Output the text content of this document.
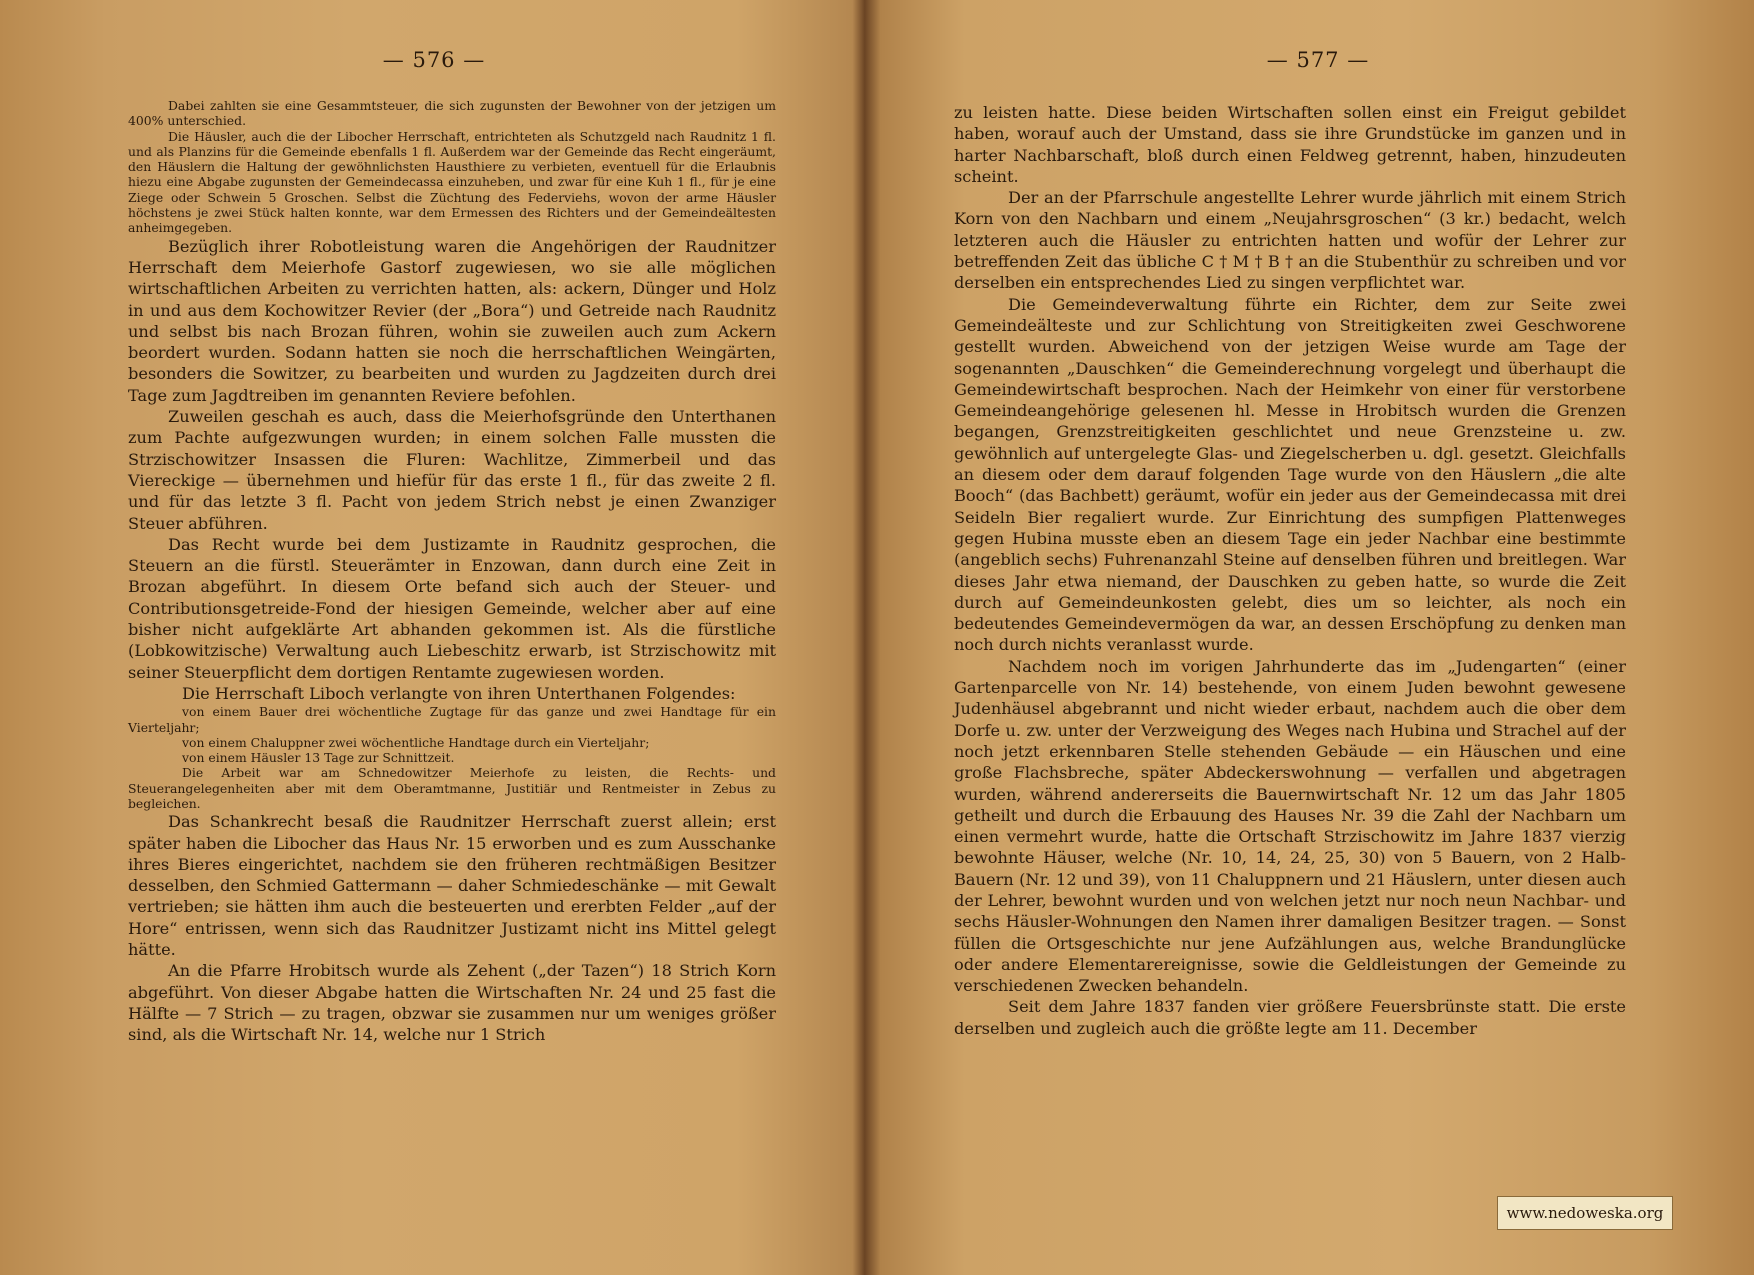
— 576 —

Dabei zahlten sie eine Gesammtsteuer, die sich zugunsten der Bewohner von der jetzigen um 400% unterschied.

Die Häusler, auch die der Libocher Herrschaft, entrichteten als Schutzgeld nach Raudnitz 1 fl. und als Planzins für die Gemeinde ebenfalls 1 fl. Außerdem war der Gemeinde das Recht eingeräumt, den Häuslern die Haltung der gewöhnlichsten Hausthiere zu verbieten, eventuell für die Erlaubnis hiezu eine Abgabe zugunsten der Gemeindecassa einzuheben, und zwar für eine Kuh 1 fl., für je eine Ziege oder Schwein 5 Groschen. Selbst die Züchtung des Federviehs, wovon der arme Häusler höchstens je zwei Stück halten konnte, war dem Ermessen des Richters und der Gemeindeältesten anheimgegeben.

Bezüglich ihrer Robotleistung waren die Angehörigen der Raudnitzer Herrschaft dem Meierhofe Gastorf zugewiesen, wo sie alle möglichen wirtschaftlichen Arbeiten zu verrichten hatten, als: ackern, Dünger und Holz in und aus dem Kochowitzer Revier (der „Bora“) und Getreide nach Raudnitz und selbst bis nach Brozan führen, wohin sie zuweilen auch zum Ackern beordert wurden. Sodann hatten sie noch die herrschaftlichen Weingärten, besonders die Sowitzer, zu bearbeiten und wurden zu Jagdzeiten durch drei Tage zum Jagdtreiben im genannten Reviere befohlen.

Zuweilen geschah es auch, dass die Meierhofsgründe den Unterthanen zum Pachte aufgezwungen wurden; in einem solchen Falle mussten die Strzischowitzer Insassen die Fluren: Wachlitze, Zimmerbeil und das Viereckige — übernehmen und hiefür für das erste 1 fl., für das zweite 2 fl. und für das letzte 3 fl. Pacht von jedem Strich nebst je einen Zwanziger Steuer abführen.

Das Recht wurde bei dem Justizamte in Raudnitz gesprochen, die Steuern an die fürstl. Steuerämter in Enzowan, dann durch eine Zeit in Brozan abgeführt. In diesem Orte befand sich auch der Steuer- und Contributionsgetreide-Fond der hiesigen Gemeinde, welcher aber auf eine bisher nicht aufgeklärte Art abhanden gekommen ist. Als die fürstliche (Lobkowitzische) Verwaltung auch Liebeschitz erwarb, ist Strzischowitz mit seiner Steuerpflicht dem dortigen Rentamte zugewiesen worden.

Die Herrschaft Liboch verlangte von ihren Unterthanen Folgendes:

von einem Bauer drei wöchentliche Zugtage für das ganze und zwei Handtage für ein Vierteljahr;

von einem Chaluppner zwei wöchentliche Handtage durch ein Vierteljahr;

von einem Häusler 13 Tage zur Schnittzeit.

Die Arbeit war am Schnedowitzer Meierhofe zu leisten, die Rechts- und Steuerangelegenheiten aber mit dem Oberamtmanne, Justitiär und Rentmeister in Zebus zu begleichen.

Das Schankrecht besaß die Raudnitzer Herrschaft zuerst allein; erst später haben die Libocher das Haus Nr. 15 erworben und es zum Ausschanke ihres Bieres eingerichtet, nachdem sie den früheren rechtmäßigen Besitzer desselben, den Schmied Gattermann — daher Schmiedeschänke — mit Gewalt vertrieben; sie hätten ihm auch die besteuerten und ererbten Felder „auf der Hore“ entrissen, wenn sich das Raudnitzer Justizamt nicht ins Mittel gelegt hätte.

An die Pfarre Hrobitsch wurde als Zehent („der Tazen“) 18 Strich Korn abgeführt. Von dieser Abgabe hatten die Wirtschaften Nr. 24 und 25 fast die Hälfte — 7 Strich — zu tragen, obzwar sie zusammen nur um weniges größer sind, als die Wirtschaft Nr. 14, welche nur 1 Strich

— 577 —

zu leisten hatte. Diese beiden Wirtschaften sollen einst ein Freigut gebildet haben, worauf auch der Umstand, dass sie ihre Grundstücke im ganzen und in harter Nachbarschaft, bloß durch einen Feldweg getrennt, haben, hinzudeuten scheint.

Der an der Pfarrschule angestellte Lehrer wurde jährlich mit einem Strich Korn von den Nachbarn und einem „Neujahrsgroschen“ (3 kr.) bedacht, welch letzteren auch die Häusler zu entrichten hatten und wofür der Lehrer zur betreffenden Zeit das übliche C † M † B † an die Stubenthür zu schreiben und vor derselben ein entsprechendes Lied zu singen verpflichtet war.

Die Gemeindeverwaltung führte ein Richter, dem zur Seite zwei Gemeindeälteste und zur Schlichtung von Streitigkeiten zwei Geschworene gestellt wurden. Abweichend von der jetzigen Weise wurde am Tage der sogenannten „Dauschken“ die Gemeinderechnung vorgelegt und überhaupt die Gemeindewirtschaft besprochen. Nach der Heimkehr von einer für verstorbene Gemeindeangehörige gelesenen hl. Messe in Hrobitsch wurden die Grenzen begangen, Grenzstreitigkeiten geschlichtet und neue Grenzsteine u. zw. gewöhnlich auf untergelegte Glas- und Ziegelscherben u. dgl. gesetzt. Gleichfalls an diesem oder dem darauf folgenden Tage wurde von den Häuslern „die alte Booch“ (das Bachbett) geräumt, wofür ein jeder aus der Gemeindecassa mit drei Seideln Bier regaliert wurde. Zur Einrichtung des sumpfigen Plattenweges gegen Hubina musste eben an diesem Tage ein jeder Nachbar eine bestimmte (angeblich sechs) Fuhrenanzahl Steine auf denselben führen und breitlegen. War dieses Jahr etwa niemand, der Dauschken zu geben hatte, so wurde die Zeit durch auf Gemeindeunkosten gelebt, dies um so leichter, als noch ein bedeutendes Gemeindevermögen da war, an dessen Erschöpfung zu denken man noch durch nichts veranlasst wurde.

Nachdem noch im vorigen Jahrhunderte das im „Judengarten“ (einer Gartenparcelle von Nr. 14) bestehende, von einem Juden bewohnt gewesene Judenhäusel abgebrannt und nicht wieder erbaut, nachdem auch die ober dem Dorfe u. zw. unter der Verzweigung des Weges nach Hubina und Strachel auf der noch jetzt erkennbaren Stelle stehenden Gebäude — ein Häuschen und eine große Flachsbreche, später Abdeckerswohnung — verfallen und abgetragen wurden, während andererseits die Bauernwirtschaft Nr. 12 um das Jahr 1805 getheilt und durch die Erbauung des Hauses Nr. 39 die Zahl der Nachbarn um einen vermehrt wurde, hatte die Ortschaft Strzischowitz im Jahre 1837 vierzig bewohnte Häuser, welche (Nr. 10, 14, 24, 25, 30) von 5 Bauern, von 2 Halb-Bauern (Nr. 12 und 39), von 11 Chaluppnern und 21 Häuslern, unter diesen auch der Lehrer, bewohnt wurden und von welchen jetzt nur noch neun Nachbar- und sechs Häusler-Wohnungen den Namen ihrer damaligen Besitzer tragen. — Sonst füllen die Ortsgeschichte nur jene Aufzählungen aus, welche Brandunglücke oder andere Elementarereignisse, sowie die Geldleistungen der Gemeinde zu verschiedenen Zwecken behandeln.

Seit dem Jahre 1837 fanden vier größere Feuersbrünste statt. Die erste derselben und zugleich auch die größte legte am 11. December

www.nedoweska.org
